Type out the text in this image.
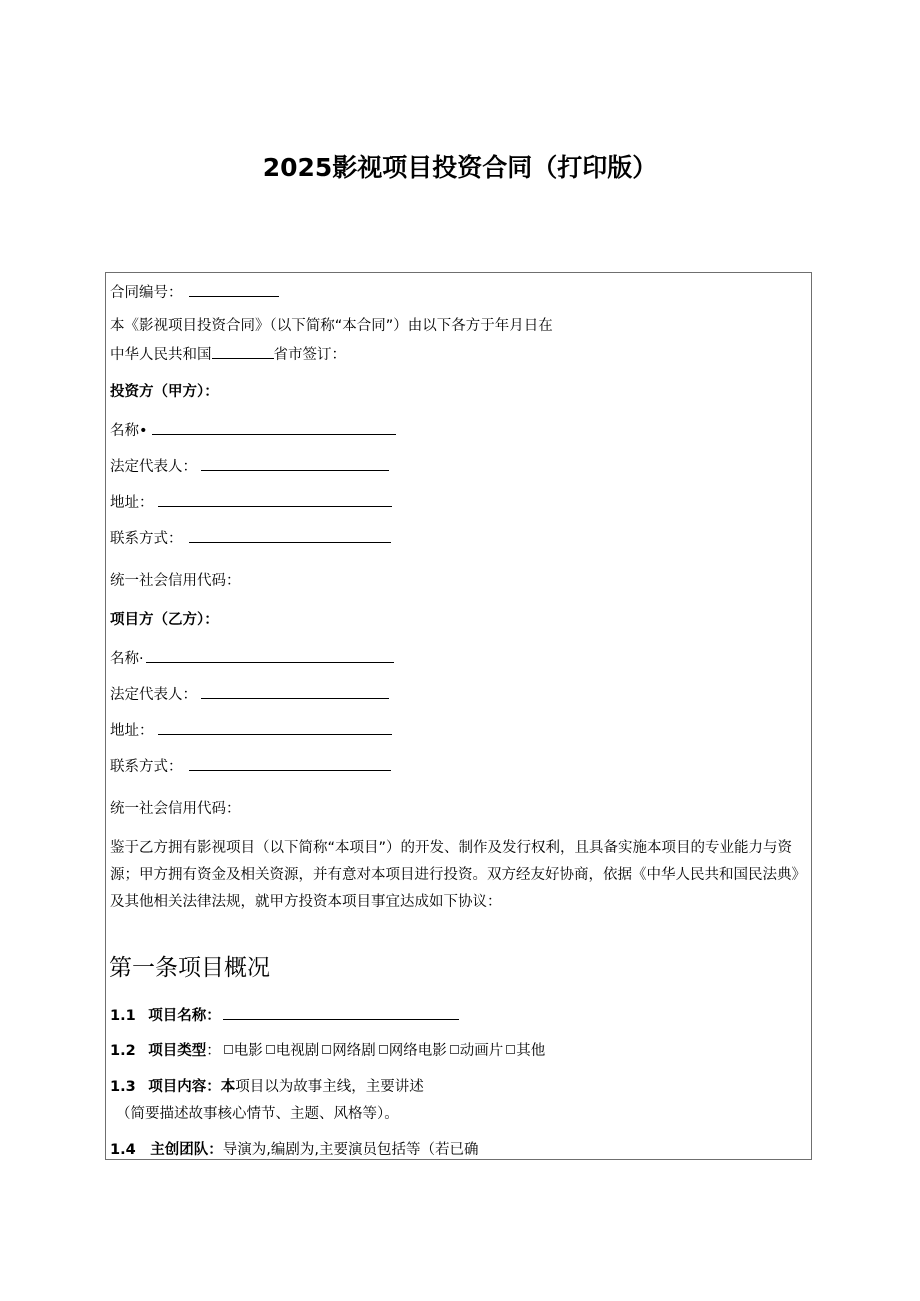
2025影视项目投资合同（打印版）
合同编号：
本《影视项目投资合同》（以下简称“本合同”）由以下各方于年月日在
中华人民共和国	省市签订：
投资方（甲方）：
名称•
法定代表人：
地址：
联系方式：
统一社会信用代码：
项目方（乙方）：
名称·
法定代表人：
地址：
联系方式：
统一社会信用代码：
鉴于乙方拥有影视项目（以下简称“本项目”）的开发、制作及发行权利，且具备实施本项目的专业能力与资源；甲方拥有资金及相关资源，并有意对本项目进行投资。双方经友好协商，依据《中华人民共和国民法典》及其他相关法律法规，就甲方投资本项目事宜达成如下协议：
第一条项目概况
1.1 项目名称：
1.2 项目类型： 电影 电视剧 网络剧 网络电影 动画片 其他
1.3 项目内容：本项目以为故事主线，主要讲述
（简要描述故事核心情节、主题、风格等）。
1.4 主创团队：导演为,编剧为,主要演员包括等（若已确
